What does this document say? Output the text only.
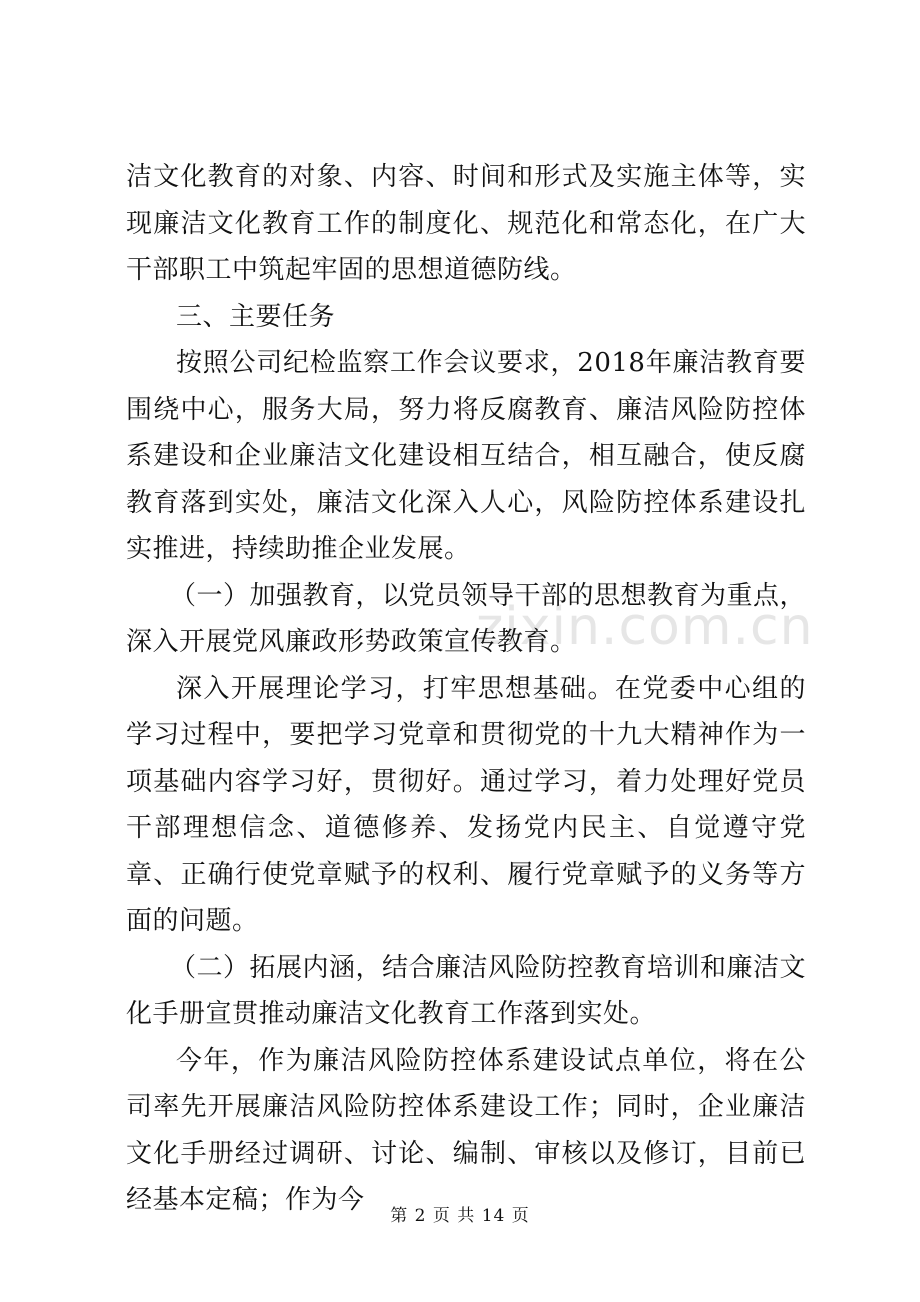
zixin.com.cn

洁文化教育的对象、内容、时间和形式及实施主体等，实现廉洁文化教育工作的制度化、规范化和常态化，在广大干部职工中筑起牢固的思想道德防线。

三、主要任务

按照公司纪检监察工作会议要求，2018年廉洁教育要围绕中心，服务大局，努力将反腐教育、廉洁风险防控体系建设和企业廉洁文化建设相互结合，相互融合，使反腐教育落到实处，廉洁文化深入人心，风险防控体系建设扎实推进，持续助推企业发展。

（一）加强教育，以党员领导干部的思想教育为重点，深入开展党风廉政形势政策宣传教育。

深入开展理论学习，打牢思想基础。在党委中心组的学习过程中，要把学习党章和贯彻党的十九大精神作为一项基础内容学习好，贯彻好。通过学习，着力处理好党员干部理想信念、道德修养、发扬党内民主、自觉遵守党章、正确行使党章赋予的权利、履行党章赋予的义务等方面的问题。

（二）拓展内涵，结合廉洁风险防控教育培训和廉洁文化手册宣贯推动廉洁文化教育工作落到实处。

今年，作为廉洁风险防控体系建设试点单位，将在公司率先开展廉洁风险防控体系建设工作；同时，企业廉洁文化手册经过调研、讨论、编制、审核以及修订，目前已经基本定稿；作为今

第 2 页 共 14 页
